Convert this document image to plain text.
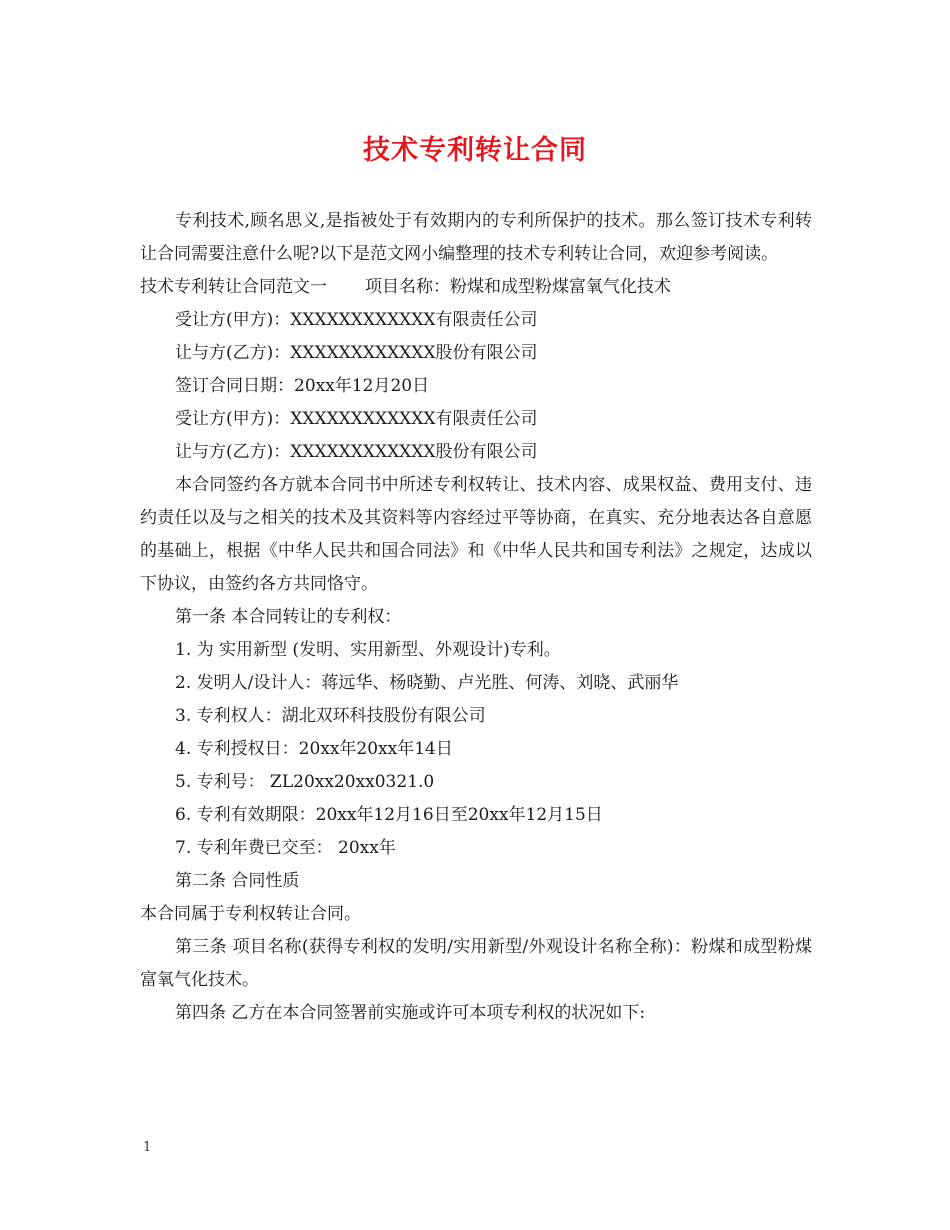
技术专利转让合同

专利技术,顾名思义,是指被处于有效期内的专利所保护的技术。那么签订技术专利转让合同需要注意什么呢?以下是范文网小编整理的技术专利转让合同，欢迎参考阅读。

技术专利转让合同范文一 项目名称：粉煤和成型粉煤富氧气化技术
受让方(甲方)：XXXXXXXXXXXX有限责任公司
让与方(乙方)：XXXXXXXXXXXX股份有限公司
签订合同日期：20xx年12月20日
受让方(甲方)：XXXXXXXXXXXX有限责任公司
让与方(乙方)：XXXXXXXXXXXX股份有限公司

本合同签约各方就本合同书中所述专利权转让、技术内容、成果权益、费用支付、违约责任以及与之相关的技术及其资料等内容经过平等协商，在真实、充分地表达各自意愿的基础上，根据《中华人民共和国合同法》和《中华人民共和国专利法》之规定，达成以下协议，由签约各方共同恪守。

第一条 本合同转让的专利权：
1. 为 实用新型 (发明、实用新型、外观设计)专利。
2. 发明人/设计人：蒋远华、杨晓勤、卢光胜、何涛、刘晓、武丽华
3. 专利权人：湖北双环科技股份有限公司
4. 专利授权日：20xx年20xx年14日
5. 专利号： ZL20xx20xx0321.0
6. 专利有效期限：20xx年12月16日至20xx年12月15日
7. 专利年费已交至： 20xx年
第二条 合同性质
本合同属于专利权转让合同。

第三条 项目名称(获得专利权的发明/实用新型/外观设计名称全称)：粉煤和成型粉煤富氧气化技术。

第四条 乙方在本合同签署前实施或许可本项专利权的状况如下:
1
